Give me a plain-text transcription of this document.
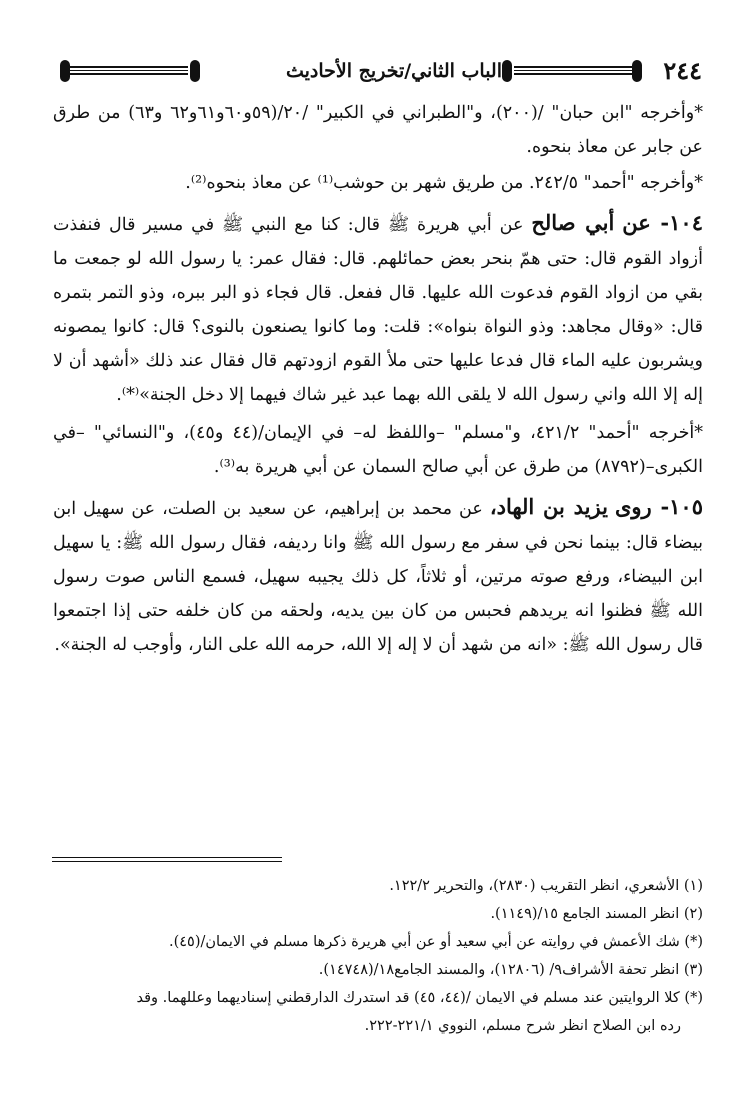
٢٤٤
الباب الثاني/تخريج الأحاديث

*وأخرجه "ابن حبان" /(٢٠٠)، و"الطبراني في الكبير" /٢٠/(٥٩و٦٠و٦١و٦٢ و٦٣) من طرق عن جابر عن معاذ بنحوه.

*وأخرجه "أحمد" ٢٤٢/٥. من طريق شهر بن حوشب⁽¹⁾ عن معاذ بنحوه⁽²⁾.

١٠٤- عن أبي صالح عن أبي هريرة ﷺ قال: كنا مع النبي ﷺ في مسير قال فنفذت أزواد القوم قال: حتى همّ بنحر بعض حمائلهم. قال: فقال عمر: يا رسول الله لو جمعت ما بقي من ازواد القوم فدعوت الله عليها. قال ففعل. قال فجاء ذو البر ببره، وذو التمر بتمره قال: «وقال مجاهد: وذو النواة بنواه»: قلت: وما كانوا يصنعون بالنوى؟ قال: كانوا يمصونه ويشربون عليه الماء قال فدعا عليها حتى ملأ القوم ازودتهم قال فقال عند ذلك «أشهد أن لا إله إلا الله واني رسول الله لا يلقى الله بهما عبد غير شاك فيهما إلا دخل الجنة»⁽*⁾.

*أخرجه "أحمد" ٤٢١/٢، و"مسلم" –واللفظ له– في الإيمان/(٤٤ و٤٥)، و"النسائي" –في الكبرى–(٨٧٩٢) من طرق عن أبي صالح السمان عن أبي هريرة به⁽³⁾.

١٠٥- روى يزيد بن الهاد، عن محمد بن إبراهيم، عن سعيد بن الصلت، عن سهيل ابن بيضاء قال: بينما نحن في سفر مع رسول الله ﷺ وانا رديفه، فقال رسول الله ﷺ: يا سهيل ابن البيضاء، ورفع صوته مرتين، أو ثلاثاً، كل ذلك يجيبه سهيل، فسمع الناس صوت رسول الله ﷺ فظنوا انه يريدهم فحبس من كان بين يديه، ولحقه من كان خلفه حتى إذا اجتمعوا قال رسول الله ﷺ: «انه من شهد أن لا إله إلا الله، حرمه الله على النار، وأوجب له الجنة».

(١) الأشعري، انظر التقريب (٢٨٣٠)، والتحرير ١٢٢/٢.

(٢) انظر المسند الجامع ١٥/(١١٤٩).

(*) شك الأعمش في روايته عن أبي سعيد أو عن أبي هريرة ذكرها مسلم في الايمان/(٤٥).

(٣) انظر تحفة الأشراف٩/ (١٢٨٠٦)، والمسند الجامع١٨/(١٤٧٤٨).

(*) كلا الروايتين عند مسلم في الايمان /(٤٤، ٤٥) قد استدرك الدارقطني إسناديهما وعللهما. وقد

رده ابن الصلاح انظر شرح مسلم، النووي ٢٢١/١-٢٢٢.
